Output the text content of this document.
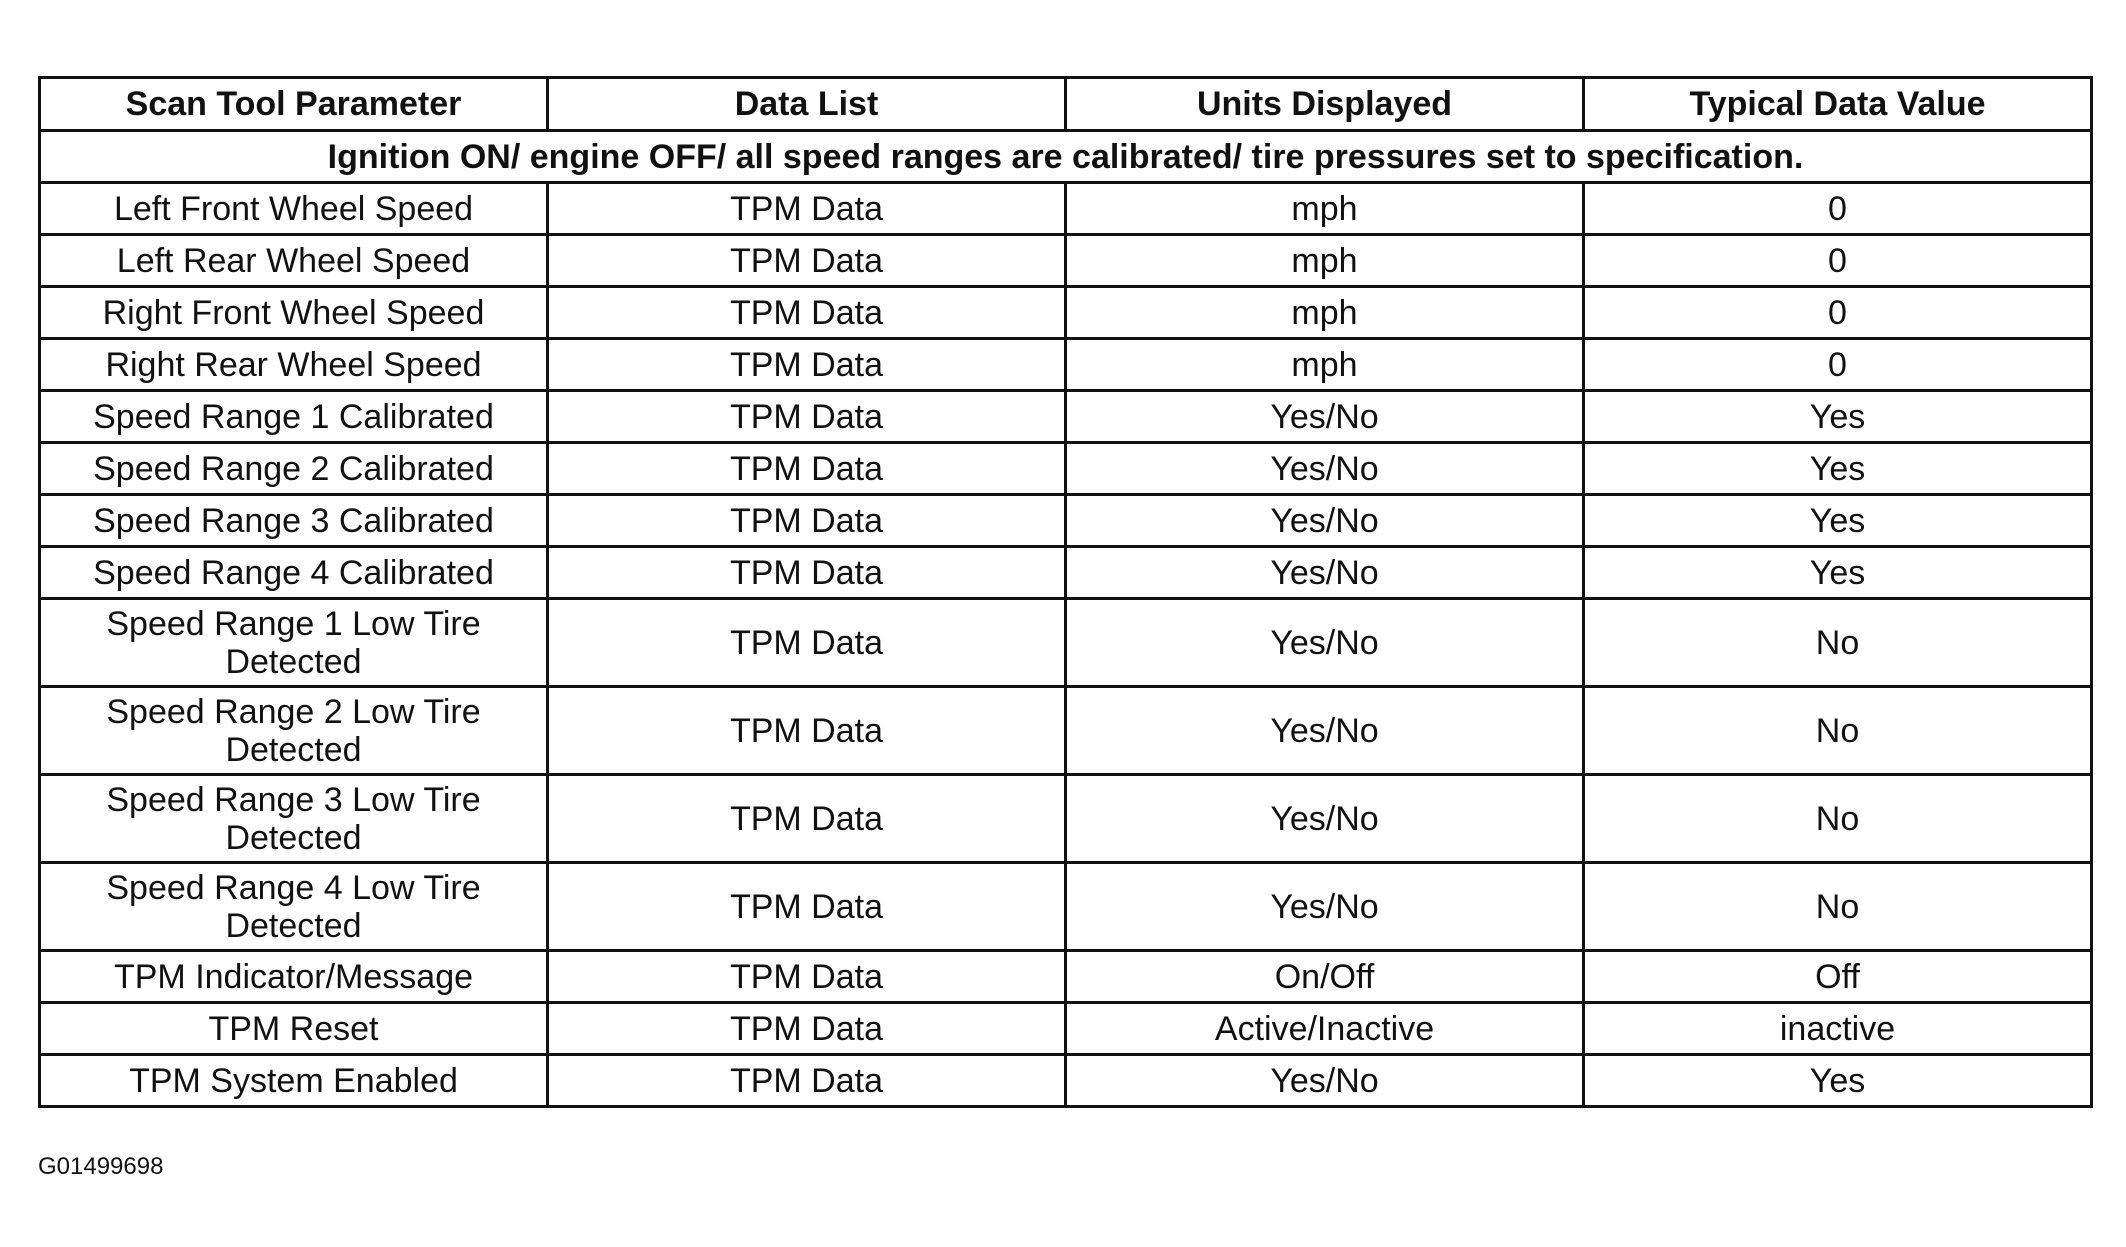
Scan Tool Parameter	Data List	Units Displayed	Typical Data Value
Ignition ON/ engine OFF/ all speed ranges are calibrated/ tire pressures set to specification.			
Left Front Wheel Speed	TPM Data	mph	0
Left Rear Wheel Speed	TPM Data	mph	0
Right Front Wheel Speed	TPM Data	mph	0
Right Rear Wheel Speed	TPM Data	mph	0
Speed Range 1 Calibrated	TPM Data	Yes/No	Yes
Speed Range 2 Calibrated	TPM Data	Yes/No	Yes
Speed Range 3 Calibrated	TPM Data	Yes/No	Yes
Speed Range 4 Calibrated	TPM Data	Yes/No	Yes
Speed Range 1 Low Tire Detected	TPM Data	Yes/No	No
Speed Range 2 Low Tire Detected	TPM Data	Yes/No	No
Speed Range 3 Low Tire Detected	TPM Data	Yes/No	No
Speed Range 4 Low Tire Detected	TPM Data	Yes/No	No
TPM Indicator/Message	TPM Data	On/Off	Off
TPM Reset	TPM Data	Active/Inactive	inactive
TPM System Enabled	TPM Data	Yes/No	Yes
G01499698
